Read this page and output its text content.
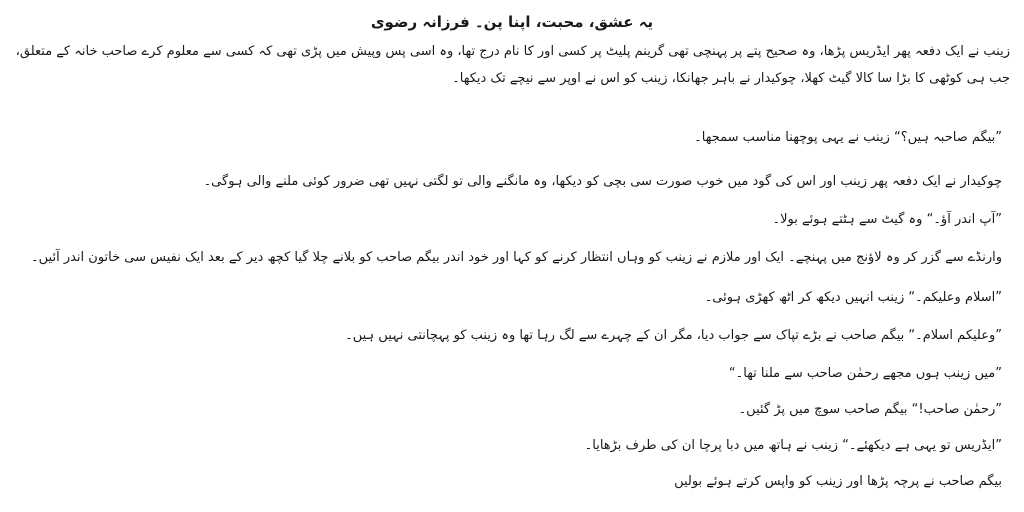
یہ عشق، محبت، اپنا پن۔ فرزانہ رضوی
زینب نے ایک دفعہ پھر ایڈریس پڑھا، وہ صحیح پتے پر پہنچی تھی گرینم پلیٹ پر کسی اور کا نام درج تھا، وہ اسی پس وپیش میں پڑی تھی کہ کسی سے معلوم کرے صاحب خانہ کے متعلق، جب ہی کوٹھی کا بڑا سا کالا گیٹ کھلا، چوکیدار نے باہر جھانکا، زینب کو اس نے اوپر سے نیچے تک دیکھا۔
”بیگم صاحبہ ہیں؟“ زینب نے یہی پوچھنا مناسب سمجھا۔
چوکیدار نے ایک دفعہ پھر زینب اور اس کی گود میں خوب صورت سی بچی کو دیکھا، وہ مانگنے والی تو لگتی نہیں تھی ضرور کوئی ملنے والی ہوگی۔
”آپ اندر آؤ۔“ وہ گیٹ سے ہٹتے ہوئے بولا۔
وارنڈے سے گزر کر وہ لاؤنج میں پہنچے۔ ایک اور ملازم نے زینب کو وہاں انتظار کرنے کو کہا اور خود اندر بیگم صاحب کو بلانے چلا گیا کچھ دیر کے بعد ایک نفیس سی خاتون اندر آئیں۔
”اسلام وعلیکم۔“ زینب انہیں دیکھ کر اٹھ کھڑی ہوئی۔
”وعلیکم اسلام۔“ بیگم صاحب نے بڑے تپاک سے جواب دیا، مگر ان کے چہرے سے لگ رہا تھا وہ زینب کو پہچانتی نہیں ہیں۔
”میں زینب ہوں مجھے رحمٰن صاحب سے ملنا تھا۔“
”رحمٰن صاحب!“ بیگم صاحب سوچ میں پڑ گئیں۔
”ایڈریس تو یہی ہے دیکھئے۔“ زینب نے ہاتھ میں دبا پرچا ان کی طرف بڑھایا۔
بیگم صاحب نے پرچہ پڑھا اور زینب کو واپس کرتے ہوئے بولیں
